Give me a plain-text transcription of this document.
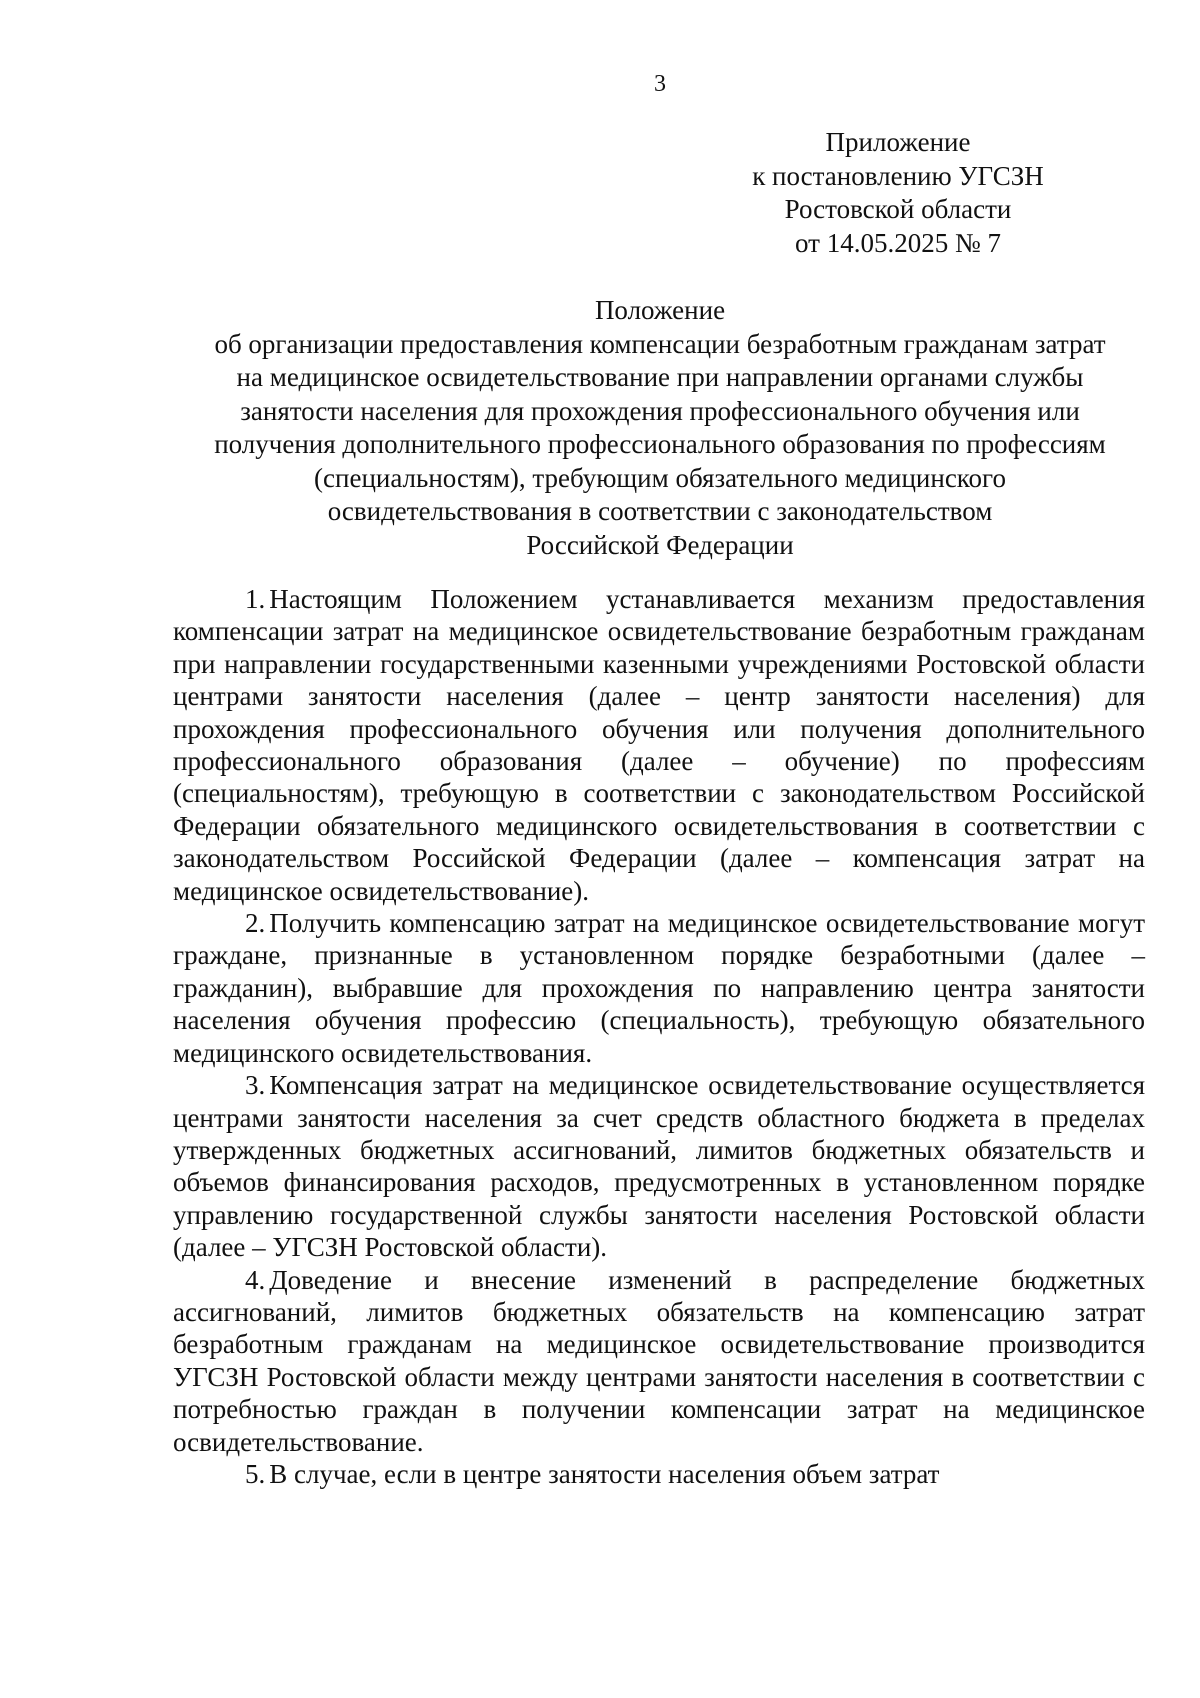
3
Приложение
к постановлению УГСЗН
Ростовской области
от 14.05.2025 № 7
Положение
об организации предоставления компенсации безработным гражданам затрат
на медицинское освидетельствование при направлении органами службы
занятости населения для прохождения профессионального обучения или
получения дополнительного профессионального образования по профессиям
(специальностям), требующим обязательного медицинского
освидетельствования в соответствии с законодательством
Российской Федерации

1. Настоящим Положением устанавливается механизм предоставления компенсации затрат на медицинское освидетельствование безработным гражданам при направлении государственными казенными учреждениями Ростовской области центрами занятости населения (далее – центр занятости населения) для прохождения профессионального обучения или получения дополнительного профессионального образования (далее – обучение) по профессиям (специальностям), требующую в соответствии с законодательством Российской Федерации обязательного медицинского освидетельствования в соответствии с законодательством Российской Федерации (далее – компенсация затрат на медицинское освидетельствование).

2. Получить компенсацию затрат на медицинское освидетельствование могут граждане, признанные в установленном порядке безработными (далее – гражданин), выбравшие для прохождения по направлению центра занятости населения обучения профессию (специальность), требующую обязательного медицинского освидетельствования.

3. Компенсация затрат на медицинское освидетельствование осуществляется центрами занятости населения за счет средств областного бюджета в пределах утвержденных бюджетных ассигнований, лимитов бюджетных обязательств и объемов финансирования расходов, предусмотренных в установленном порядке управлению государственной службы занятости населения Ростовской области (далее – УГСЗН Ростовской области).

4. Доведение и внесение изменений в распределение бюджетных ассигнований, лимитов бюджетных обязательств на компенсацию затрат безработным гражданам на медицинское освидетельствование производится УГСЗН Ростовской области между центрами занятости населения в соответствии с потребностью граждан в получении компенсации затрат на медицинское освидетельствование.

5. В случае, если в центре занятости населения объем затрат
